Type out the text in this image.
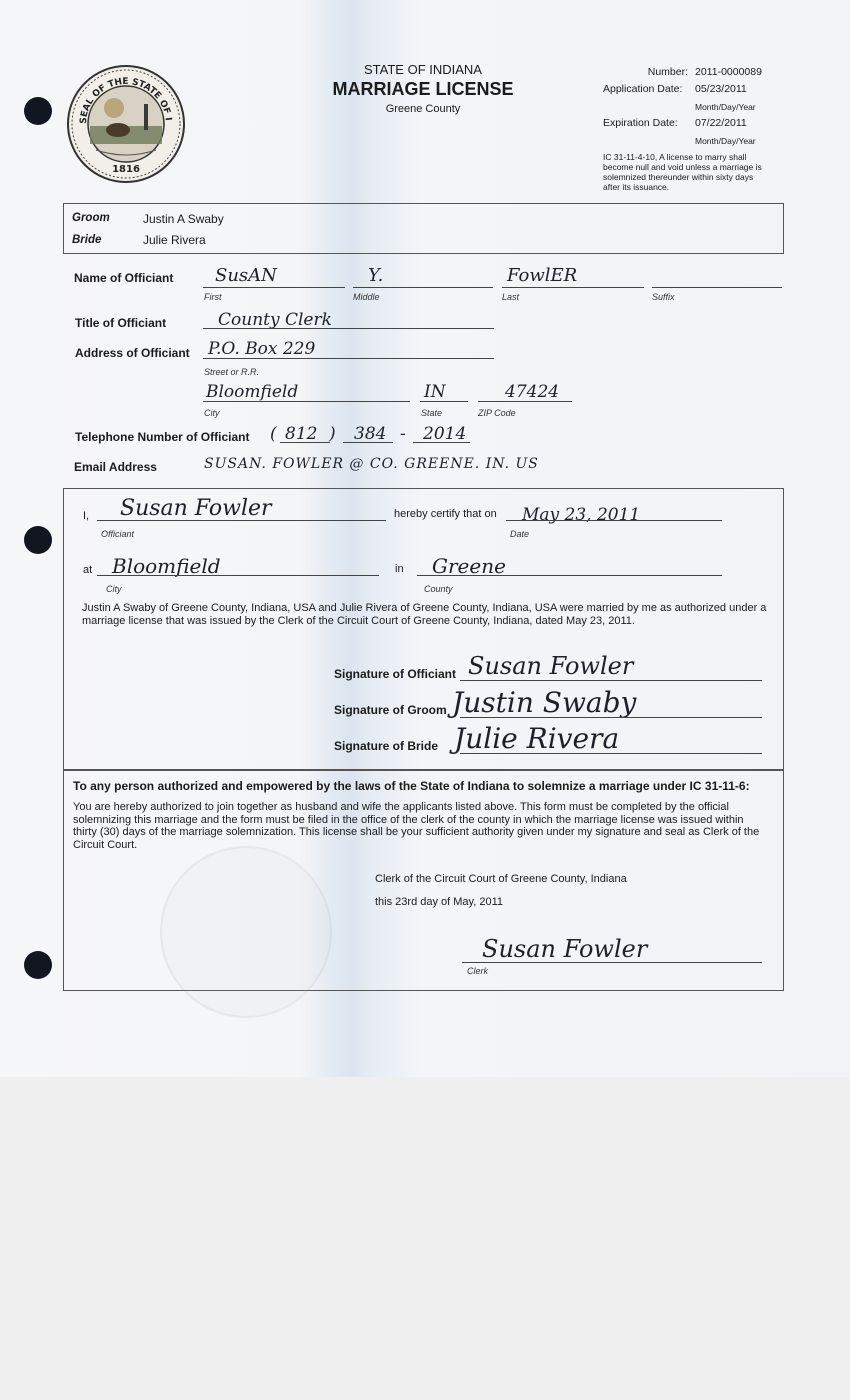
SEAL OF THE STATE OF I
1816
STATE OF INDIANA
MARRIAGE LICENSE
Greene County
Number: 2011-0000089
Application Date: 05/23/2011
Month/Day/Year
Expiration Date: 07/22/2011
Month/Day/Year
IC 31-11-4-10, A license to marry shall become null and void unless a marriage is solemnized thereunder within sixty days after its issuance.
Groom	Justin A Swaby
Bride	Julie Rivera
Name of Officiant SusAN
First
Y.
Middle
FowlER
Last	Suffix
Title of Officiant	County Clerk
Address of Officiant P.O. Box 229
Street or R.R.
Bloomfield
City
IN
State
47424
ZIP Code
Telephone Number of Officiant ( 812 ) 384 - 2014
Email Address	SUSAN. FOWLER @ CO. GREENE. IN. US
I, Susan Fowler
Officiant
hereby certify that on May 23, 2011
Date
at Bloomfield
City
in Greene
County
Justin A Swaby of Greene County, Indiana, USA and Julie Rivera of Greene County, Indiana, USA were married by me as authorized under a marriage license that was issued by the Clerk of the Circuit Court of Greene County, Indiana, dated May 23, 2011.
Signature of Officiant Susan Fowler
Signature of Groom Justin Swaby
Signature of Bride Julie Rivera
To any person authorized and empowered by the laws of the State of Indiana to solemnize a marriage under IC 31-11-6:
You are hereby authorized to join together as husband and wife the applicants listed above. This form must be completed by the official solemnizing this marriage and the form must be filed in the office of the clerk of the county in which the marriage license was issued within thirty (30) days of the marriage solemnization. This license shall be your sufficient authority given under my signature and seal as Clerk of the Circuit Court.
Clerk of the Circuit Court of Greene County, Indiana
this 23rd day of May, 2011
Susan Fowler
Clerk
